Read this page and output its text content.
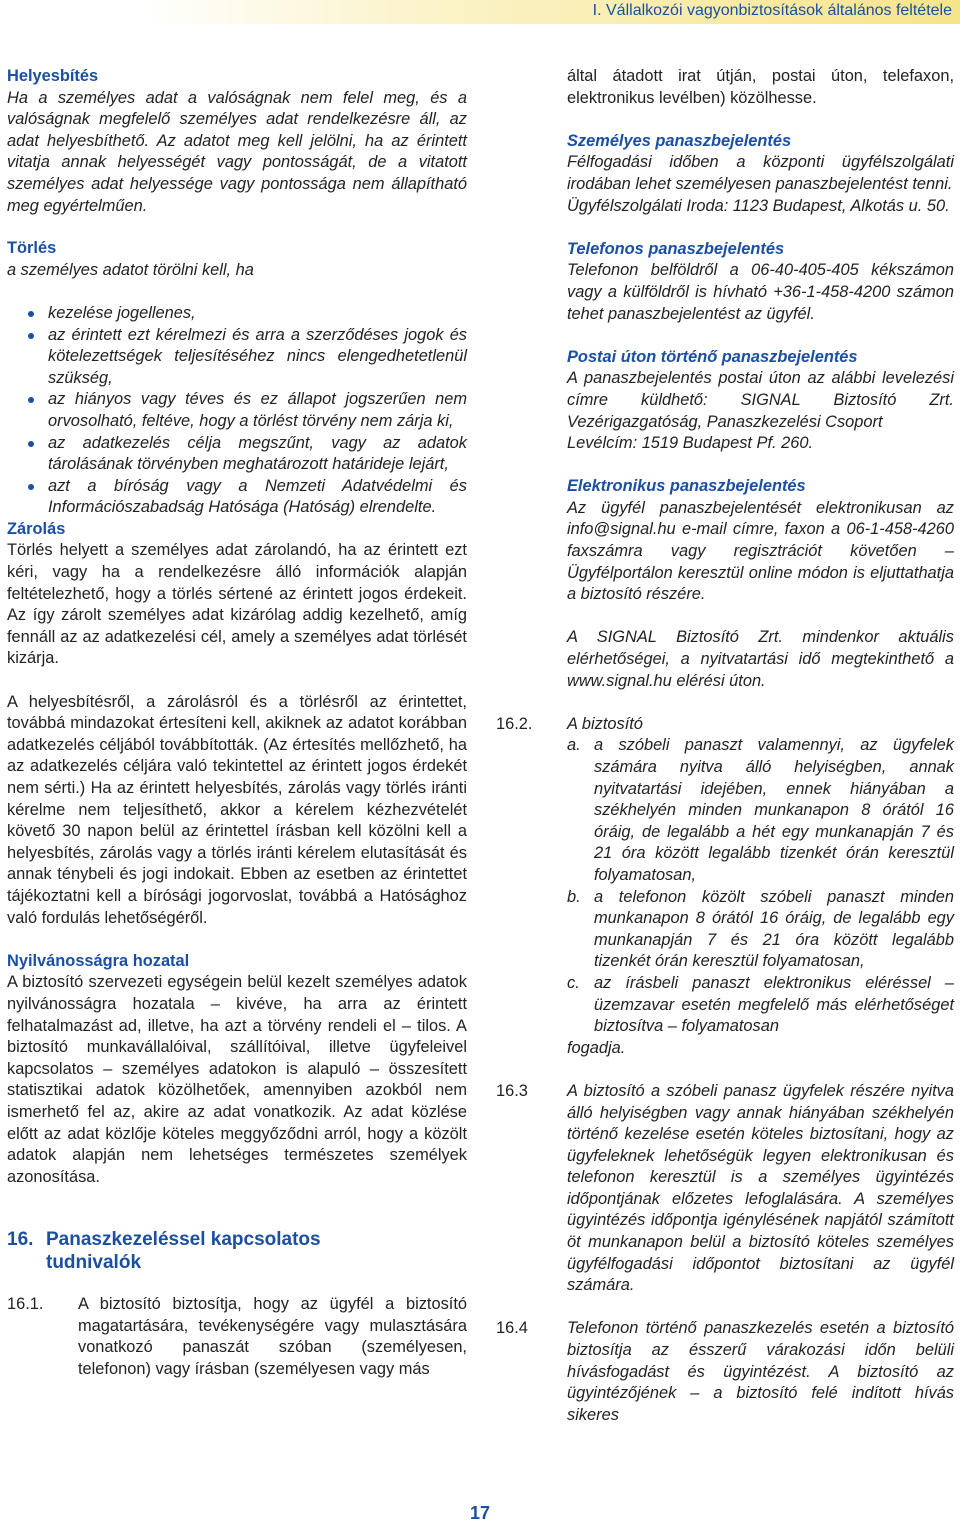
I. Vállalkozói vagyonbiztosítások általános feltétele

Helyesbítés

Ha a személyes adat a valóságnak nem felel meg, és a valóságnak megfelelő személyes adat rendelkezésre áll, az adat helyesbíthető. Az adatot meg kell jelölni, ha az érintett vitatja annak helyességét vagy pontosságát, de a vitatott személyes adat helyessége vagy pontossága nem állapítható meg egyértelműen.

Törlés

a személyes adatot törölni kell, ha

kezelése jogellenes,
az érintett ezt kérelmezi és arra a szerződéses jogok és kötelezettségek teljesítéséhez nincs elengedhetetlenül szükség,
az hiányos vagy téves és ez állapot jogszerűen nem orvosolható, feltéve, hogy a törlést törvény nem zárja ki,
az adatkezelés célja megszűnt, vagy az adatok tárolásának törvényben meghatározott határideje lejárt,
azt a bíróság vagy a Nemzeti Adatvédelmi és Információszabadság Hatósága (Hatóság) elrendelte.

Zárolás

Törlés helyett a személyes adat zárolandó, ha az érintett ezt kéri, vagy ha a rendelkezésre álló információk alapján feltételezhető, hogy a törlés sértené az érintett jogos érdekeit. Az így zárolt személyes adat kizárólag addig kezelhető, amíg fennáll az az adatkezelési cél, amely a személyes adat törlését kizárja.

A helyesbítésről, a zárolásról és a törlésről az érintettet, továbbá mindazokat értesíteni kell, akiknek az adatot korábban adatkezelés céljából továbbították. (Az értesítés mellőzhető, ha az adatkezelés céljára való tekintettel az érintett jogos érdekét nem sérti.) Ha az érintett helyesbítés, zárolás vagy törlés iránti kérelme nem teljesíthető, akkor a kérelem kézhezvételét követő 30 napon belül az érintettel írásban kell közölni kell a helyesbítés, zárolás vagy a törlés iránti kérelem elutasítását és annak ténybeli és jogi indokait. Ebben az esetben az érintettet tájékoztatni kell a bírósági jogorvoslat, továbbá a Hatósághoz való fordulás lehetőségéről.

Nyilvánosságra hozatal

A biztosító szervezeti egységein belül kezelt személyes adatok nyilvánosságra hozatala – kivéve, ha arra az érintett felhatalmazást ad, illetve, ha azt a törvény rendeli el – tilos. A biztosító munkavállalóival, szállítóival, illetve ügyfeleivel kapcsolatos – személyes adatokon is alapuló – összesített statisztikai adatok közölhetőek, amennyiben azokból nem ismerhető fel az, akire az adat vonatkozik. Az adat közlése előtt az adat közlője köteles meggyőződni arról, hogy a közölt adatok alapján nem lehetséges természetes személyek azonosítása.

16. Panaszkezeléssel kapcsolatos
tudnivalók
16.1.	A biztosító biztosítja, hogy az ügyfél a biztosító magatartására, tevékenységére vagy mulasztására vonatkozó panaszát szóban (személyesen, telefonon) vagy írásban (személyesen vagy más

által átadott irat útján, postai úton, telefaxon, elektronikus levélben) közölhesse.

Személyes panaszbejelentés

Félfogadási időben a központi ügyfélszolgálati irodában lehet személyesen panaszbejelentést tenni.

Ügyfélszolgálati Iroda: 1123 Budapest, Alkotás u. 50.

Telefonos panaszbejelentés

Telefonon belföldről a 06-40-405-405 kékszámon vagy a külföldről is hívható +36-1-458-4200 számon tehet panaszbejelentést az ügyfél.

Postai úton történő panaszbejelentés

A panaszbejelentés postai úton az alábbi levelezési címre küldhető: SIGNAL Biztosító Zrt. Vezérigazgatóság, Panaszkezelési Csoport

Levélcím: 1519 Budapest Pf. 260.

Elektronikus panaszbejelentés

Az ügyfél panaszbejelentését elektronikusan az info@signal.hu e-mail címre, faxon a 06-1-458-4260 faxszámra vagy regisztrációt követően – Ügyfélportálon keresztül online módon is eljuttathatja a biztosító részére.

A SIGNAL Biztosító Zrt. mindenkor aktuális elérhetőségei, a nyitvatartási idő megtekinthető a www.signal.hu elérési úton.

16.2.	A biztosító
a. a szóbeli panaszt valamennyi, az ügyfelek számára nyitva álló helyiségben, annak nyitvatartási idejében, ennek hiányában a székhelyén minden munkanapon 8 órától 16 óráig, de legalább a hét egy munkanapján 7 és 21 óra között legalább tizenkét órán keresztül folyamatosan,
b. a telefonon közölt szóbeli panaszt minden munkanapon 8 órától 16 óráig, de legalább egy munkanapján 7 és 21 óra között legalább tizenkét órán keresztül folyamatosan,
c. az írásbeli panaszt elektronikus eléréssel – üzemzavar esetén megfelelő más elérhetőséget biztosítva – folyamatosan

fogadja.

16.3	A biztosító a szóbeli panasz ügyfelek részére nyitva álló helyiségben vagy annak hiányában székhelyén történő kezelése esetén köteles biztosítani, hogy az ügyfeleknek lehetőségük legyen elektronikusan és telefonon keresztül is a személyes ügyintézés időpontjának előzetes lefoglalására. A személyes ügyintézés időpontja igénylésének napjától számított öt munkanapon belül a biztosító köteles személyes ügyfélfogadási időpontot biztosítani az ügyfél számára.
16.4	Telefonon történő panaszkezelés esetén a biztosító biztosítja az ésszerű várakozási időn belüli hívásfogadást és ügyintézést. A biztosító az ügyintézőjének – a biztosító felé indított hívás sikeres
17
